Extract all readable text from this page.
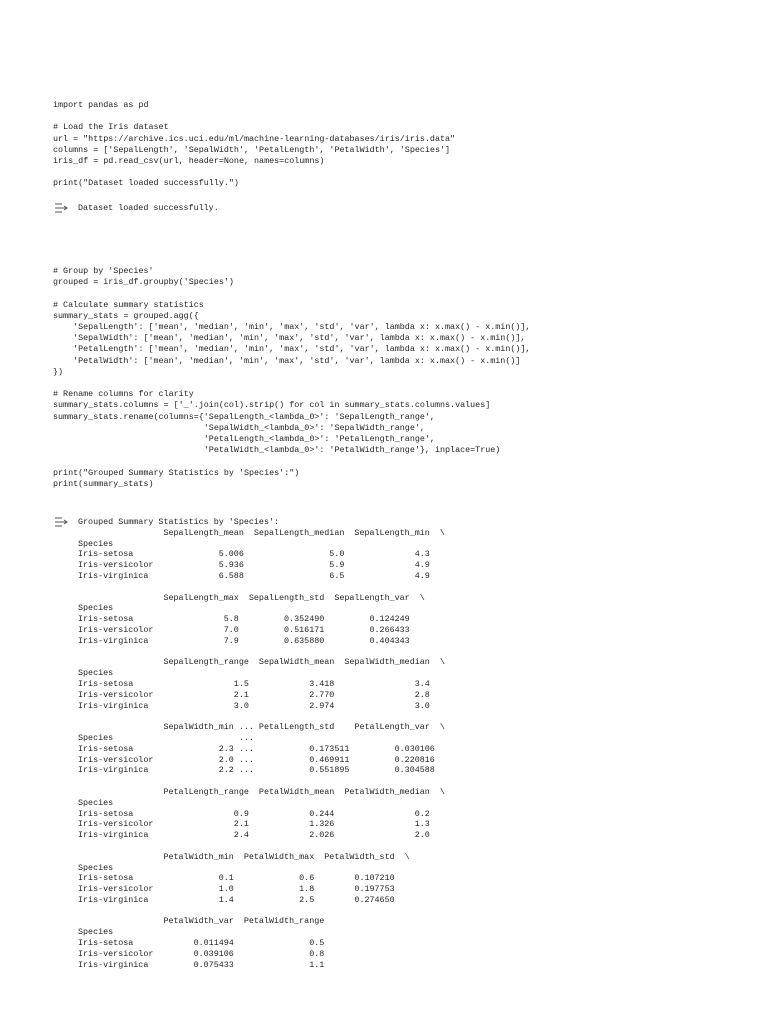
import pandas as pd

# Load the Iris dataset
url = "https://archive.ics.uci.edu/ml/machine-learning-databases/iris/iris.data"
columns = ['SepalLength', 'SepalWidth', 'PetalLength', 'PetalWidth', 'Species']
iris_df = pd.read_csv(url, header=None, names=columns)

print("Dataset loaded successfully.")
Dataset loaded successfully.
# Group by 'Species'
grouped = iris_df.groupby('Species')

# Calculate summary statistics
summary_stats = grouped.agg({
'SepalLength': ['mean', 'median', 'min', 'max', 'std', 'var', lambda x: x.max() - x.min()],
'SepalWidth': ['mean', 'median', 'min', 'max', 'std', 'var', lambda x: x.max() - x.min()],
'PetalLength': ['mean', 'median', 'min', 'max', 'std', 'var', lambda x: x.max() - x.min()],
'PetalWidth': ['mean', 'median', 'min', 'max', 'std', 'var', lambda x: x.max() - x.min()]
})

# Rename columns for clarity
summary_stats.columns = ['_'.join(col).strip() for col in summary_stats.columns.values]
summary_stats.rename(columns={'SepalLength_<lambda_0>': 'SepalLength_range',
'SepalWidth_<lambda_0>': 'SepalWidth_range',
'PetalLength_<lambda_0>': 'PetalLength_range',
'PetalWidth_<lambda_0>': 'PetalWidth_range'}, inplace=True)

print("Grouped Summary Statistics by 'Species':")
print(summary_stats)
Grouped Summary Statistics by 'Species':
SepalLength_mean  SepalLength_median  SepalLength_min  \
Species
Iris-setosa                 5.006                 5.0              4.3
Iris-versicolor             5.936                 5.9              4.9
Iris-virginica              6.588                 6.5              4.9

SepalLength_max  SepalLength_std  SepalLength_var  \
Species
Iris-setosa                  5.8         0.352490         0.124249
Iris-versicolor              7.0         0.516171         0.266433
Iris-virginica               7.9         0.635880         0.404343

SepalLength_range  SepalWidth_mean  SepalWidth_median  \
Species
Iris-setosa                    1.5            3.418                3.4
Iris-versicolor                2.1            2.770                2.8
Iris-virginica                 3.0            2.974                3.0

SepalWidth_min ... PetalLength_std    PetalLength_var  \
Species                         ...
Iris-setosa                 2.3 ...           0.173511         0.030106
Iris-versicolor             2.0 ...           0.469911         0.220816
Iris-virginica              2.2 ...           0.551895         0.304588

PetalLength_range  PetalWidth_mean  PetalWidth_median  \
Species
Iris-setosa                    0.9            0.244                0.2
Iris-versicolor                2.1            1.326                1.3
Iris-virginica                 2.4            2.026                2.0

PetalWidth_min  PetalWidth_max  PetalWidth_std  \
Species
Iris-setosa                 0.1             0.6        0.107210
Iris-versicolor             1.0             1.8        0.197753
Iris-virginica              1.4             2.5        0.274650

PetalWidth_var  PetalWidth_range
Species
Iris-setosa            0.011494               0.5
Iris-versicolor        0.039106               0.8
Iris-virginica         0.075433               1.1
